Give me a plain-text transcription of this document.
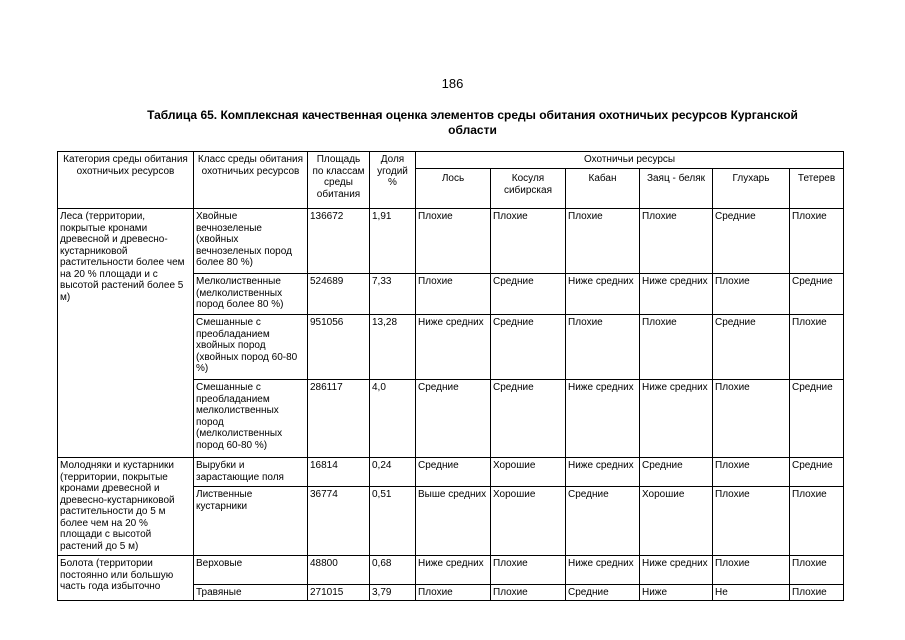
186
Таблица 65. Комплексная качественная оценка элементов среды обитания охотничьих ресурсов Курганской
области
Категория среды обитания охотничьих ресурсов	Класс среды обитания охотничьих ресурсов	Площадь по классам среды обитания	Доля угодий %	Охотничьи ресурсы					
				Лось	Косуля сибирская	Кабан	Заяц - беляк	Глухарь	Тетерев
Леса (территории, покрытые кронами древесной и древесно-кустарниковой растительности более чем на 20 % площади и с высотой растений более 5 м)	Хвойные вечнозеленые (хвойных вечнозеленых пород более 80 %)	136672	1,91	Плохие	Плохие	Плохие	Плохие	Средние	Плохие
	Мелколиственные (мелколиственных пород более 80 %)	524689	7,33	Плохие	Средние	Ниже средних	Ниже средних	Плохие	Средние
	Смешанные с преобладанием хвойных пород (хвойных пород 60-80 %)	951056	13,28	Ниже средних	Средние	Плохие	Плохие	Средние	Плохие
	Смешанные с преобладанием мелколиственных пород (мелколиственных пород 60-80 %)	286117	4,0	Средние	Средние	Ниже средних	Ниже средних	Плохие	Средние
Молодняки и кустарники (территории, покрытые кронами древесной и древесно-кустарниковой растительности до 5 м более чем на 20 % площади с высотой растений до 5 м)	Вырубки и зарастающие поля	16814	0,24	Средние	Хорошие	Ниже средних	Средние	Плохие	Средние
	Лиственные кустарники	36774	0,51	Выше средних	Хорошие	Средние	Хорошие	Плохие	Плохие
Болота (территории постоянно или большую часть года избыточно	Верховые	48800	0,68	Ниже средних	Плохие	Ниже средних	Ниже средних	Плохие	Плохие
	Травяные	271015	3,79	Плохие	Плохие	Средние	Ниже	Не	Плохие
